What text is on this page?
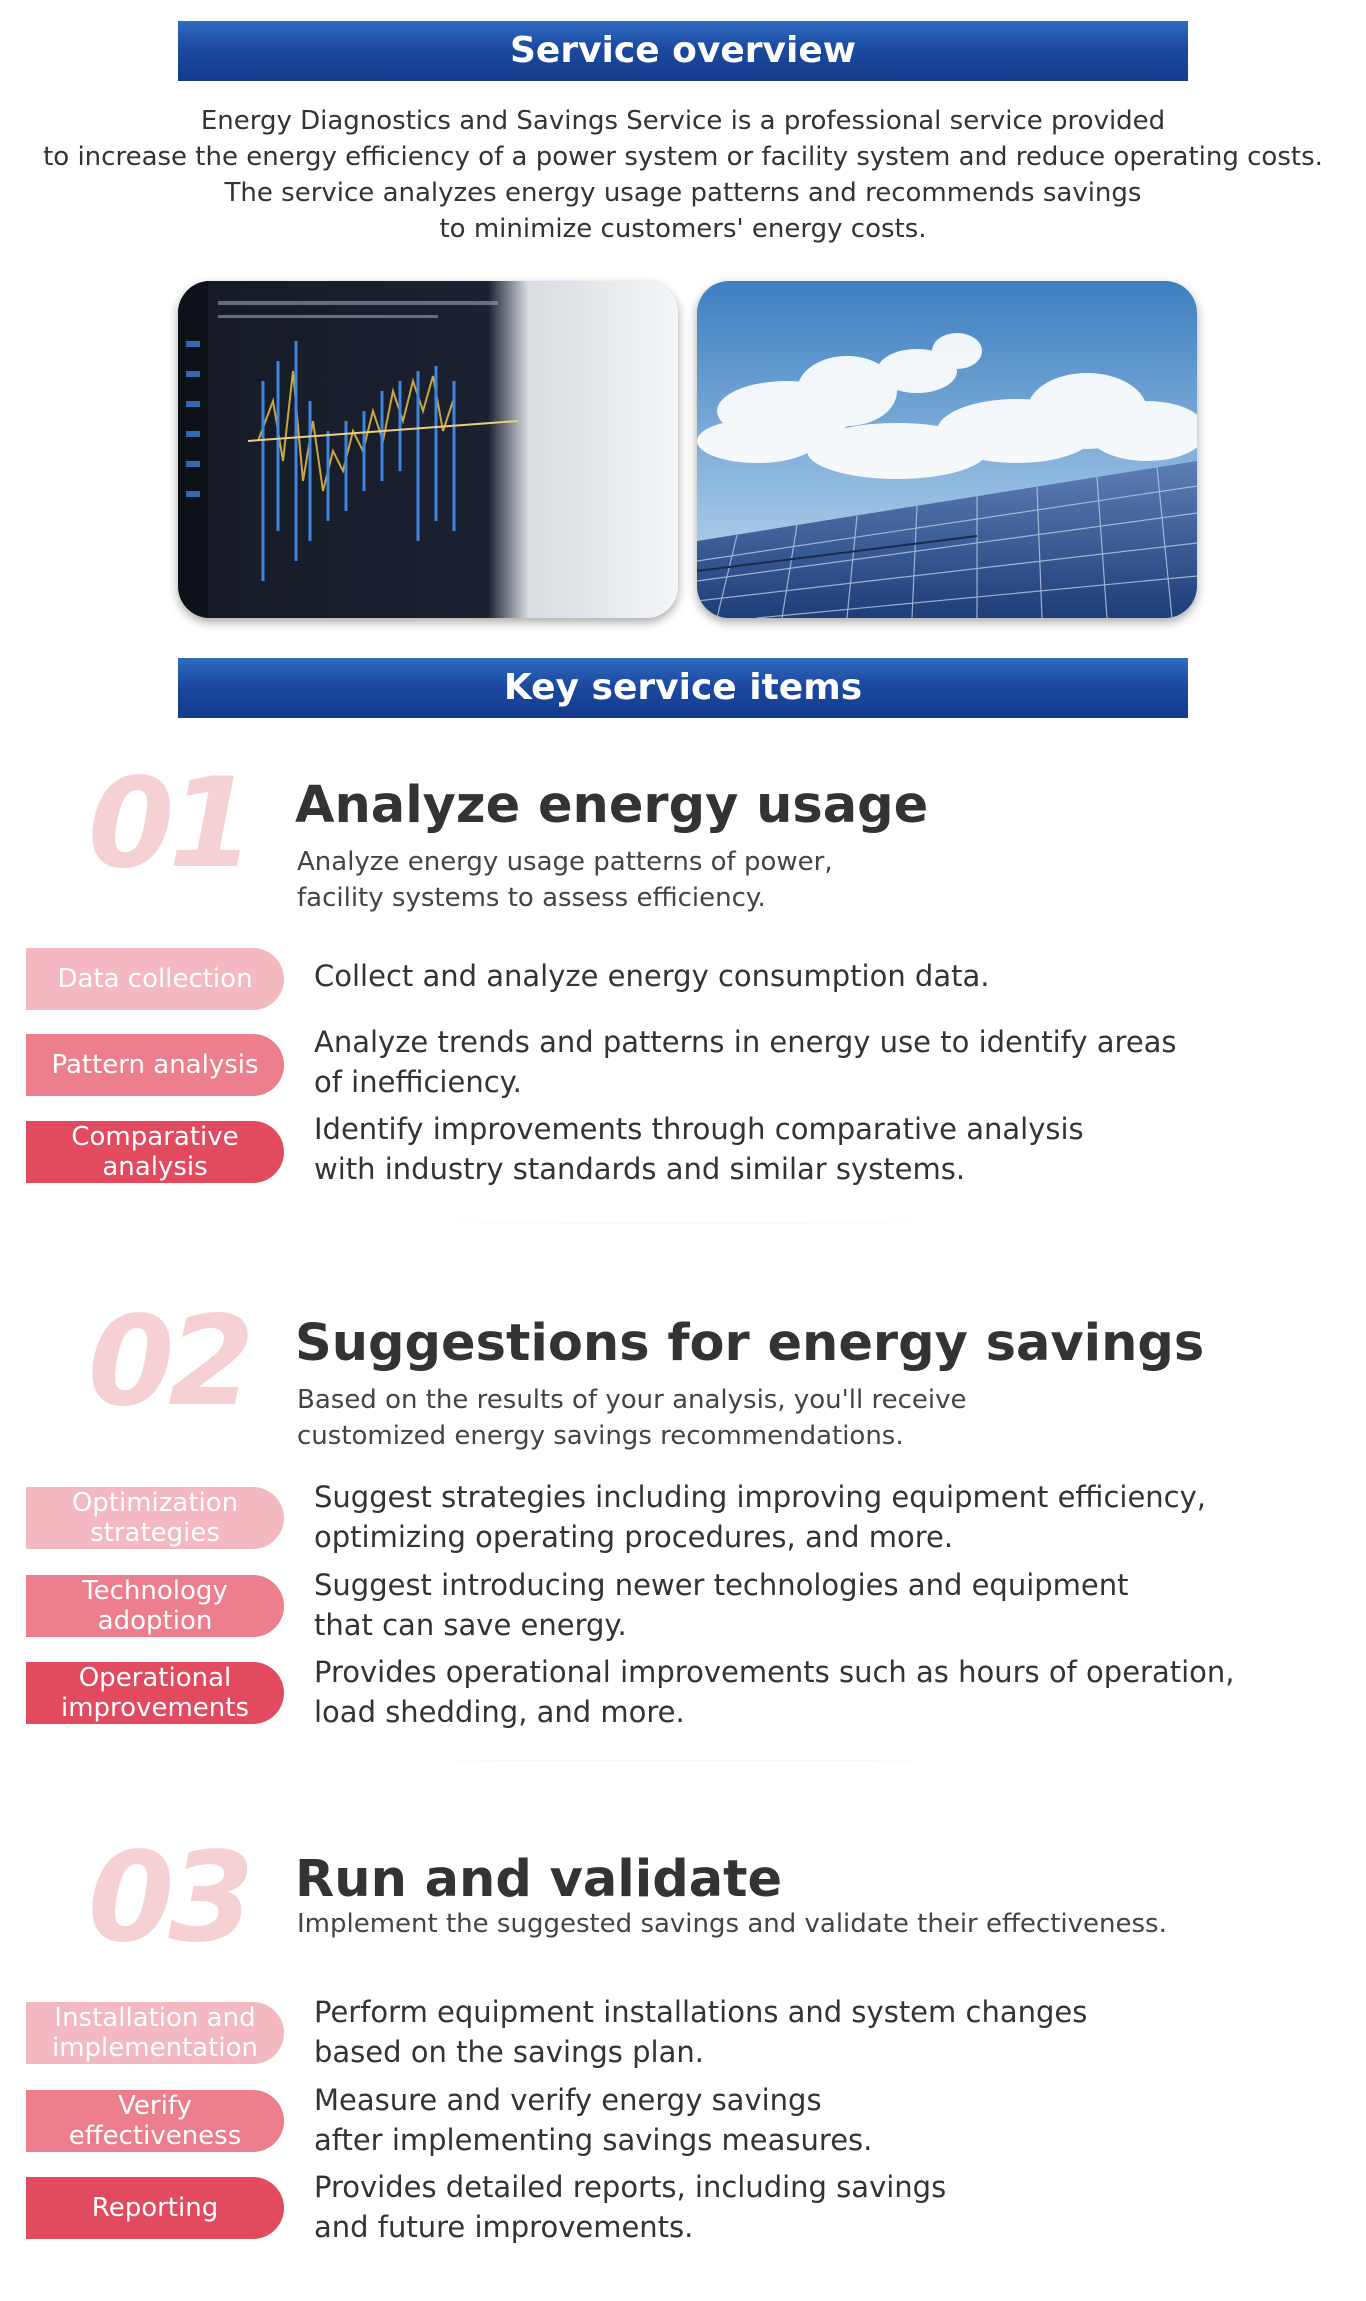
Service overview
Energy Diagnostics and Savings Service is a professional service provided
to increase the energy efficiency of a power system or facility system and reduce operating costs.
The service analyzes energy usage patterns and recommends savings
to minimize customers' energy costs.
Key service items
01 Analyze energy usage
Analyze energy usage patterns of power,
facility systems to assess efficiency.
Data collection Collect and analyze energy consumption data.
Pattern analysis
Analyze trends and patterns in energy use to identify areas
of inefficiency.
Comparative
analysis
Identify improvements through comparative analysis
with industry standards and similar systems.
02 Suggestions for energy savings
Based on the results of your analysis, you'll receive
customized energy savings recommendations.
Optimization
strategies
Suggest strategies including improving equipment efficiency,
optimizing operating procedures, and more.
Technology
adoption
Suggest introducing newer technologies and equipment
that can save energy.
Operational
improvements
Provides operational improvements such as hours of operation,
load shedding, and more.
03 Run and validate
Implement the suggested savings and validate their effectiveness.
Installation and
implementation
Perform equipment installations and system changes
based on the savings plan.
Verify
effectiveness
Measure and verify energy savings
after implementing savings measures.
Reporting
Provides detailed reports, including savings
and future improvements.
